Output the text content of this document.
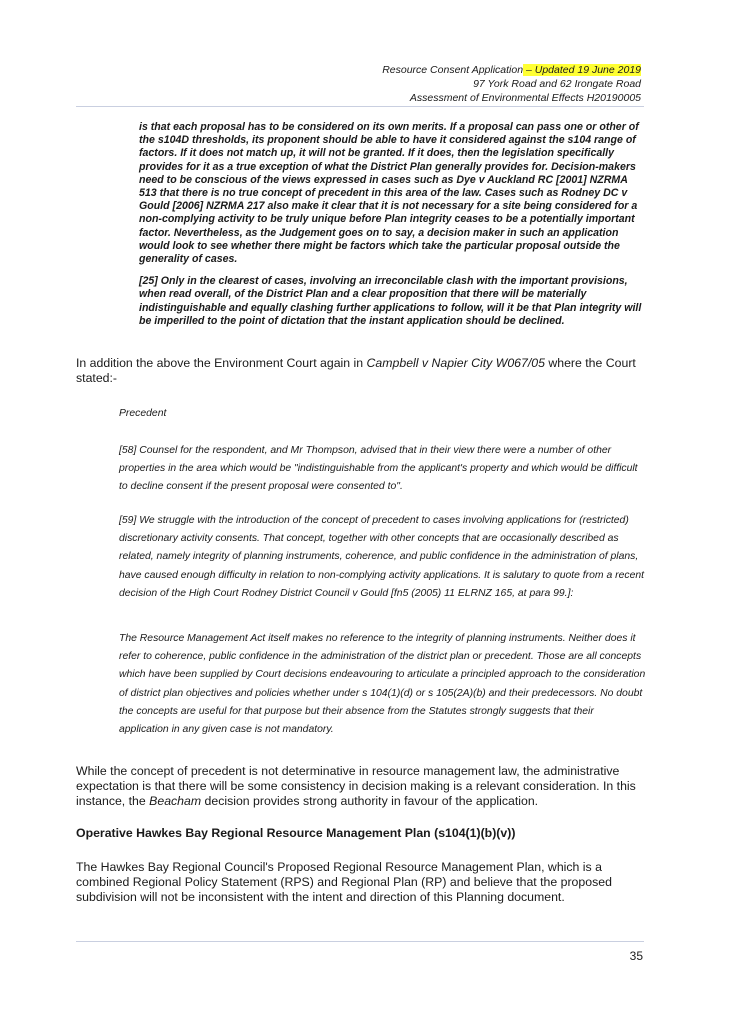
Resource Consent Application – Updated 19 June 2019
97 York Road and 62 Irongate Road
Assessment of Environmental Effects H20190005

is that each proposal has to be considered on its own merits. If a proposal can pass one or other of the s104D thresholds, its proponent should be able to have it considered against the s104 range of factors. If it does not match up, it will not be granted. If it does, then the legislation specifically provides for it as a true exception of what the District Plan generally provides for. Decision-makers need to be conscious of the views expressed in cases such as Dye v Auckland RC [2001] NZRMA 513 that there is no true concept of precedent in this area of the law. Cases such as Rodney DC v Gould [2006] NZRMA 217 also make it clear that it is not necessary for a site being considered for a non-complying activity to be truly unique before Plan integrity ceases to be a potentially important factor. Nevertheless, as the Judgement goes on to say, a decision maker in such an application would look to see whether there might be factors which take the particular proposal outside the generality of cases.

[25] Only in the clearest of cases, involving an irreconcilable clash with the important provisions, when read overall, of the District Plan and a clear proposition that there will be materially indistinguishable and equally clashing further applications to follow, will it be that Plan integrity will be imperilled to the point of dictation that the instant application should be declined.

In addition the above the Environment Court again in Campbell v Napier City W067/05 where the Court stated:-

Precedent

[58] Counsel for the respondent, and Mr Thompson, advised that in their view there were a number of other properties in the area which would be "indistinguishable from the applicant's property and which would be difficult to decline consent if the present proposal were consented to".

[59] We struggle with the introduction of the concept of precedent to cases involving applications for (restricted) discretionary activity consents. That concept, together with other concepts that are occasionally described as related, namely integrity of planning instruments, coherence, and public confidence in the administration of plans, have caused enough difficulty in relation to non-complying activity applications. It is salutary to quote from a recent decision of the High Court Rodney District Council v Gould [fn5 (2005) 11 ELRNZ 165, at para 99.]:

The Resource Management Act itself makes no reference to the integrity of planning instruments. Neither does it refer to coherence, public confidence in the administration of the district plan or precedent. Those are all concepts which have been supplied by Court decisions endeavouring to articulate a principled approach to the consideration of district plan objectives and policies whether under s 104(1)(d) or s 105(2A)(b) and their predecessors. No doubt the concepts are useful for that purpose but their absence from the Statutes strongly suggests that their application in any given case is not mandatory.

While the concept of precedent is not determinative in resource management law, the administrative expectation is that there will be some consistency in decision making is a relevant consideration. In this instance, the Beacham decision provides strong authority in favour of the application.

Operative Hawkes Bay Regional Resource Management Plan (s104(1)(b)(v))

The Hawkes Bay Regional Council's Proposed Regional Resource Management Plan, which is a combined Regional Policy Statement (RPS) and Regional Plan (RP) and believe that the proposed subdivision will not be inconsistent with the intent and direction of this Planning document.

35
